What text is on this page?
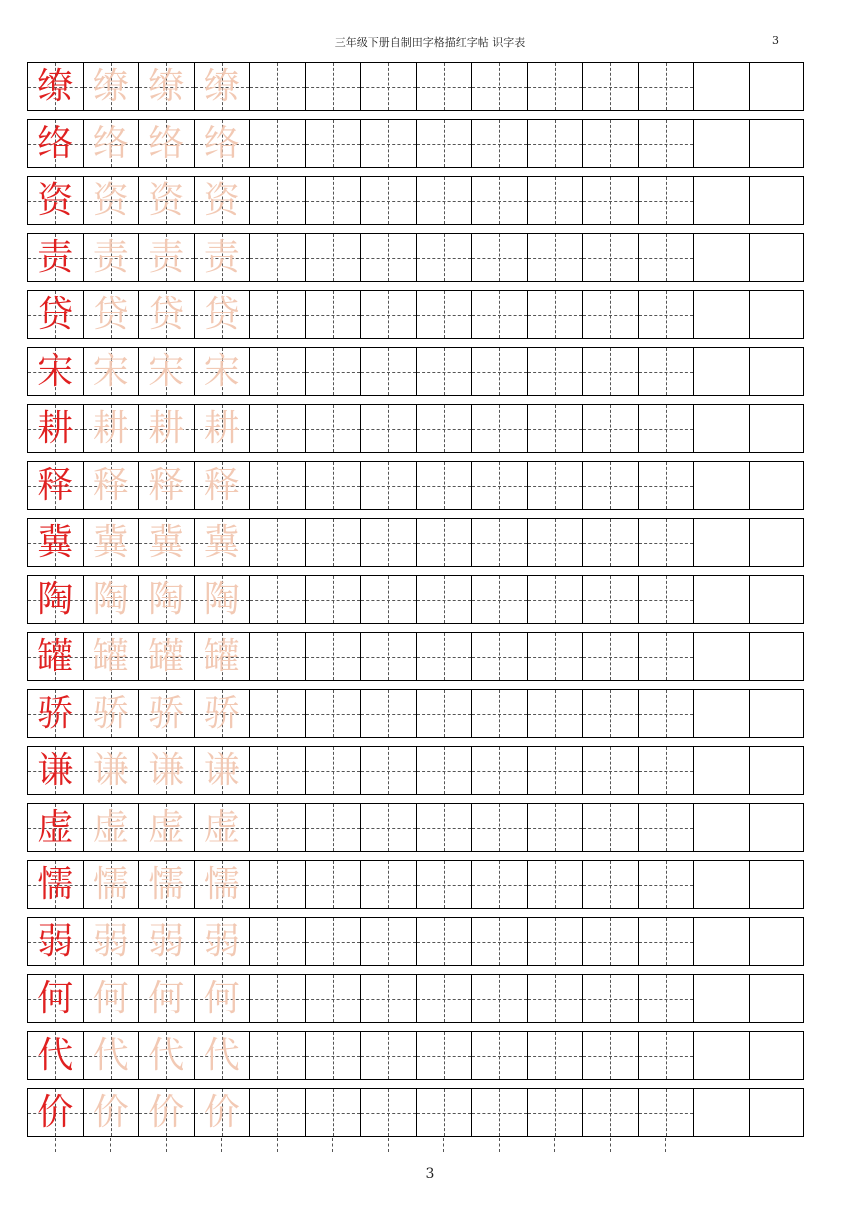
三年级下册自制田字格描红字帖 识字表	3
缭 缭 缭 缭
络 络 络 络
资 资 资 资
责 责 责 责
贷 贷 贷 贷
宋 宋 宋 宋
耕 耕 耕 耕
释 释 释 释
冀 冀 冀 冀
陶 陶 陶 陶
罐 罐 罐 罐
骄 骄 骄 骄
谦 谦 谦 谦
虚 虚 虚 虚
懦 懦 懦 懦
弱 弱 弱 弱
何 何 何 何
代 代 代 代
价 价 价 价
3
